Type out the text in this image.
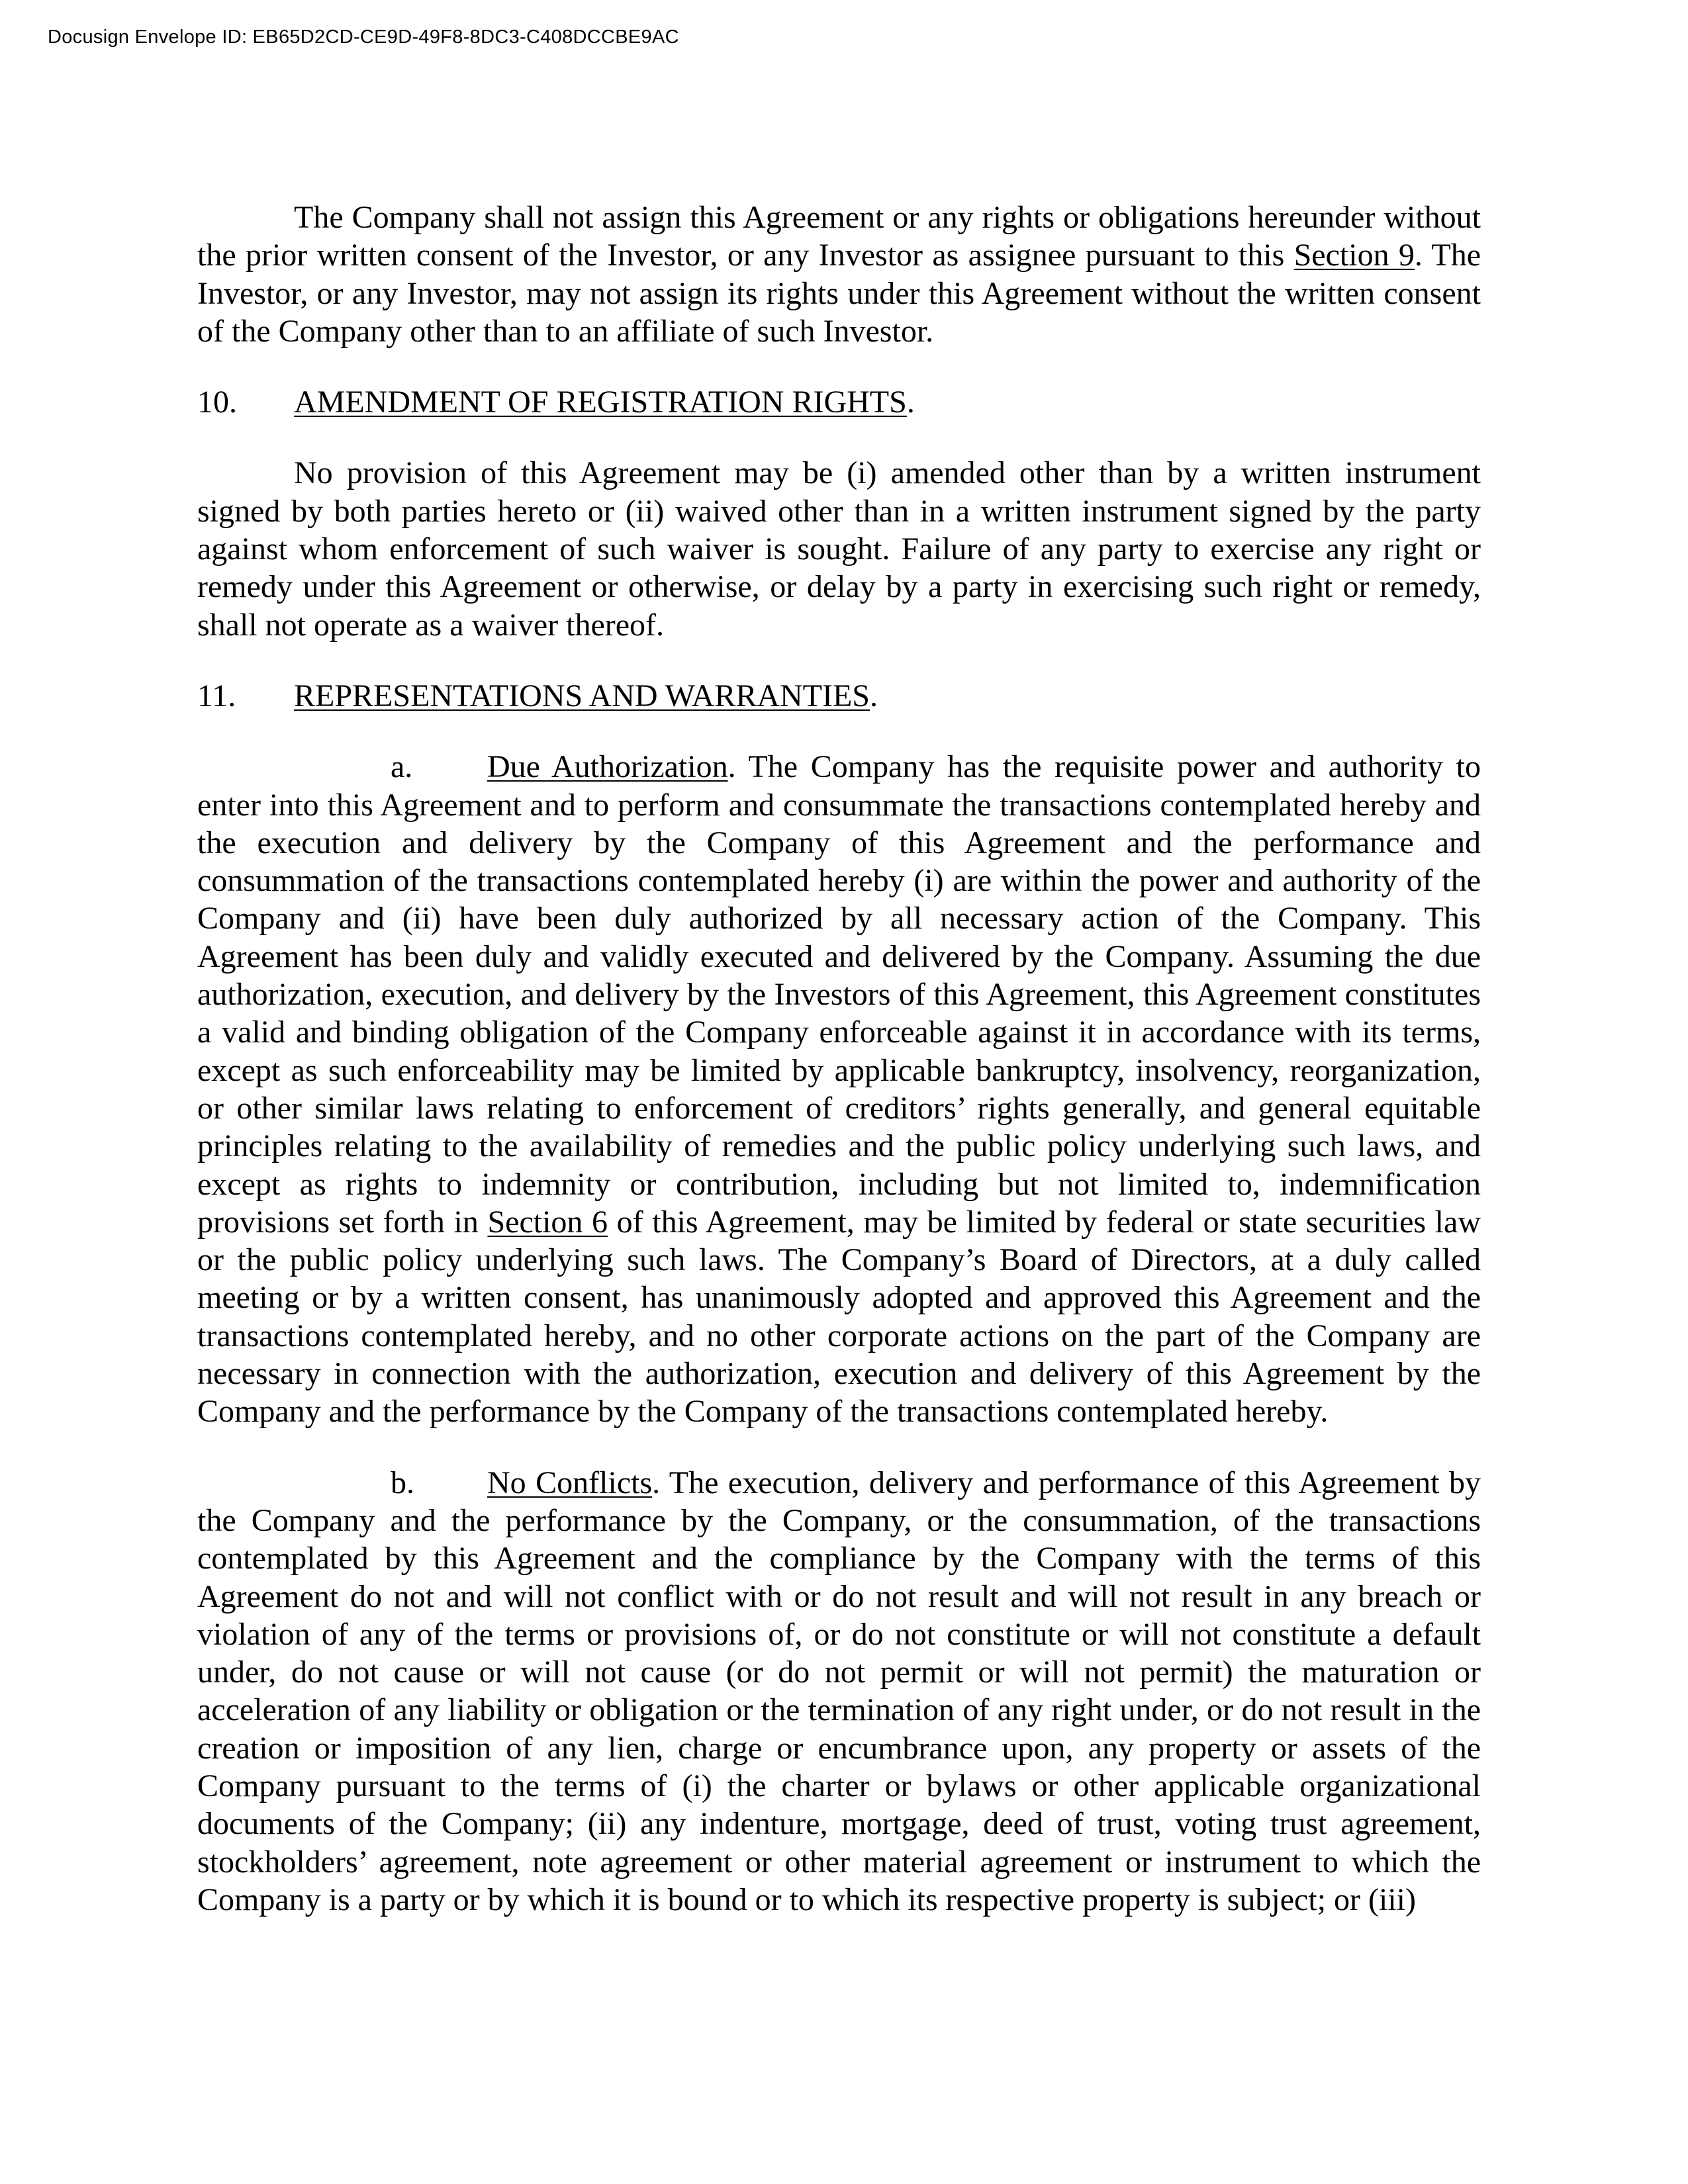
Docusign Envelope ID: EB65D2CD-CE9D-49F8-8DC3-C408DCCBE9AC

The Company shall not assign this Agreement or any rights or obligations hereunder without the prior written consent of the Investor, or any Investor as assignee pursuant to this Section 9. The Investor, or any Investor, may not assign its rights under this Agreement without the written consent of the Company other than to an affiliate of such Investor.

10. AMENDMENT OF REGISTRATION RIGHTS.

No provision of this Agreement may be (i) amended other than by a written instrument signed by both parties hereto or (ii) waived other than in a written instrument signed by the party against whom enforcement of such waiver is sought. Failure of any party to exercise any right or remedy under this Agreement or otherwise, or delay by a party in exercising such right or remedy, shall not operate as a waiver thereof.

11. REPRESENTATIONS AND WARRANTIES.

a. Due Authorization. The Company has the requisite power and authority to enter into this Agreement and to perform and consummate the transactions contemplated hereby and the execution and delivery by the Company of this Agreement and the performance and consummation of the transactions contemplated hereby (i) are within the power and authority of the Company and (ii) have been duly authorized by all necessary action of the Company. This Agreement has been duly and validly executed and delivered by the Company. Assuming the due authorization, execution, and delivery by the Investors of this Agreement, this Agreement constitutes a valid and binding obligation of the Company enforceable against it in accordance with its terms, except as such enforceability may be limited by applicable bankruptcy, insolvency, reorganization, or other similar laws relating to enforcement of creditors’ rights generally, and general equitable principles relating to the availability of remedies and the public policy underlying such laws, and except as rights to indemnity or contribution, including but not limited to, indemnification provisions set forth in Section 6 of this Agreement, may be limited by federal or state securities law or the public policy underlying such laws. The Company’s Board of Directors, at a duly called meeting or by a written consent, has unanimously adopted and approved this Agreement and the transactions contemplated hereby, and no other corporate actions on the part of the Company are necessary in connection with the authorization, execution and delivery of this Agreement by the Company and the performance by the Company of the transactions contemplated hereby.

b. No Conflicts. The execution, delivery and performance of this Agreement by the Company and the performance by the Company, or the consummation, of the transactions contemplated by this Agreement and the compliance by the Company with the terms of this Agreement do not and will not conflict with or do not result and will not result in any breach or violation of any of the terms or provisions of, or do not constitute or will not constitute a default under, do not cause or will not cause (or do not permit or will not permit) the maturation or acceleration of any liability or obligation or the termination of any right under, or do not result in the creation or imposition of any lien, charge or encumbrance upon, any property or assets of the Company pursuant to the terms of (i) the charter or bylaws or other applicable organizational documents of the Company; (ii) any indenture, mortgage, deed of trust, voting trust agreement, stockholders’ agreement, note agreement or other material agreement or instrument to which the Company is a party or by which it is bound or to which its respective property is subject; or (iii)
